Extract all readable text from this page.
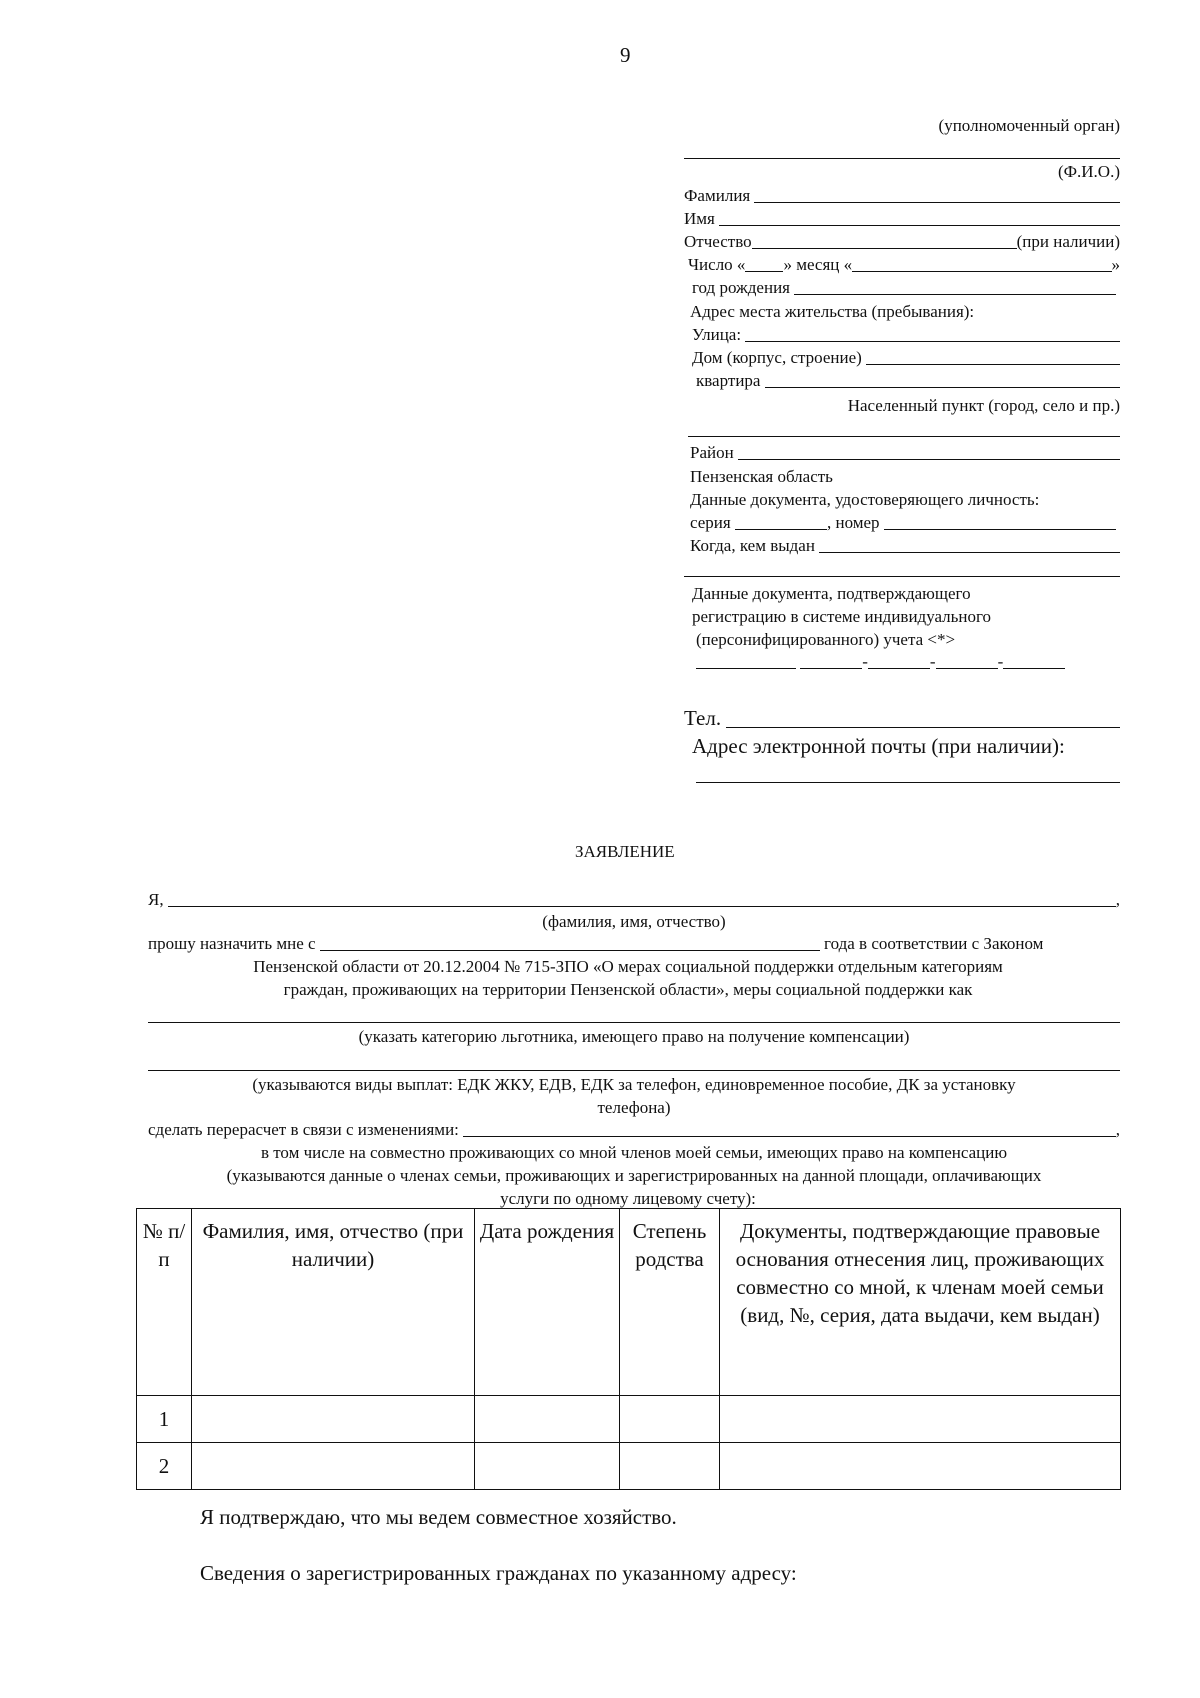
9
(уполномоченный орган)
(Ф.И.О.)
Фамилия

Имя

Отчество	(при наличии)
Число « » месяц «	»
год рождения

Адрес места жительства (пребывания):
Улица:

Дом (корпус, строение)

квартира

Населенный пункт (город, село и пр.)
Район

Пензенская область
Данные документа, удостоверяющего личность:
серия
	, номер

Когда, кем выдан

Данные документа, подтверждающего
регистрацию в системе индивидуального
(персонифицированного) учета <*>

-	-	-
Тел.

Адрес электронной почты (при наличии):
ЗАЯВЛЕНИЕ
Я,
	,
(фамилия, имя, отчество)
прошу назначить мне с

	года в соответствии с Законом
Пензенской области от 20.12.2004 № 715-ЗПО «О мерах социальной поддержки отдельным категориям
граждан, проживающих на территории Пензенской области», меры социальной поддержки как
(указать категорию льготника, имеющего право на получение компенсации)
(указываются виды выплат: ЕДК ЖКУ, ЕДВ, ЕДК за телефон, единовременное пособие, ДК за установку
телефона)
сделать перерасчет в связи с изменениями:
	,
в том числе на совместно проживающих со мной членов моей семьи, имеющих право на компенсацию
(указываются данные о членах семьи, проживающих и зарегистрированных на данной площади, оплачивающих
услуги по одному лицевому счету):
№ п/п	Фамилия, имя, отчество (при наличии)	Дата рождения	Степень родства	Документы, подтверждающие правовые основания отнесения лиц, проживающих совместно со мной, к членам моей семьи (вид, №, серия, дата выдачи, кем выдан)
1				
2				
Я подтверждаю, что мы ведем совместное хозяйство.
Сведения о зарегистрированных гражданах по указанному адресу:
